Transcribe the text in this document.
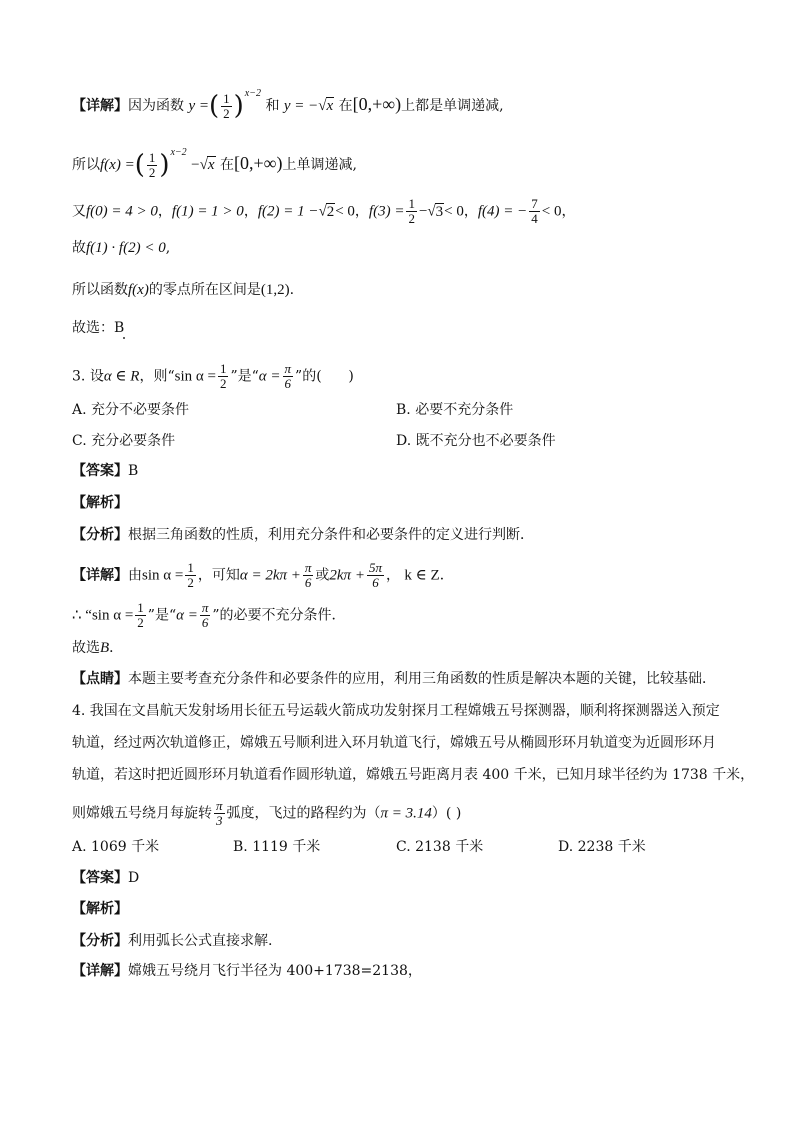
【详解】因为函数 y =( $\frac{1}{2} )^{x-2}$ 和 y = −√x 在[0,+∞)上都是单调递减,
所以f(x) =( $\frac{1}{2} )^{x-2} -√x$ 在[0,+∞)上单调递减,
又f(0) = 4 > 0，f(1) = 1 > 0，f(2) = 1 −√2< 0，$f(3) = \frac{1}{2} -√3< 0$，f(4) = − $\frac{7}{4} < 0$，
故f(1) · f(2) < 0,
所以函数f(x)的零点所在区间是(1,2).
故选：B
3. 设α ∈ R，则“sin $\alpha = \frac{1}{2}$ ”是“$\alpha = \frac{\pi}{6}$ ”的( )
A. 充分不必要条件	B. 必要不充分条件
C. 充分必要条件	D. 既不充分也不必要条件
【答案】B
【解析】
【分析】根据三角函数的性质，利用充分条件和必要条件的定义进行判断．
【详解】由$\sin \alpha = \frac{1}{2}$ ，可知$\alpha = 2k\pi + \frac{\pi}{6}$ 或$2k\pi + \frac{5\pi}{6}$ ， k ∈ Z．
∴ “sin $\alpha = \frac{1}{2}$ ”是“$\alpha = \frac{\pi}{6}$ ”的必要不充分条件．
故选B．
【点睛】本题主要考查充分条件和必要条件的应用，利用三角函数的性质是解决本题的关键，比较基础．
4. 我国在文昌航天发射场用长征五号运载火箭成功发射探月工程嫦娥五号探测器，顺利将探测器送入预定
轨道，经过两次轨道修正，嫦娥五号顺利进入环月轨道飞行，嫦娥五号从椭圆形环月轨道变为近圆形环月
轨道，若这时把近圆形环月轨道看作圆形轨道，嫦娥五号距离月表 400 千米，已知月球半径约为 1738 千米，
则嫦娥五号绕月每旋转 $\frac{\pi}{3}$ 弧度，飞过的路程约为（π = 3.14）( )
A. 1069 千米	B. 1119 千米	C. 2138 千米	D. 2238 千米
【答案】D
【解析】
【分析】利用弧长公式直接求解.
【详解】嫦娥五号绕月飞行半径为 400+1738=2138，
